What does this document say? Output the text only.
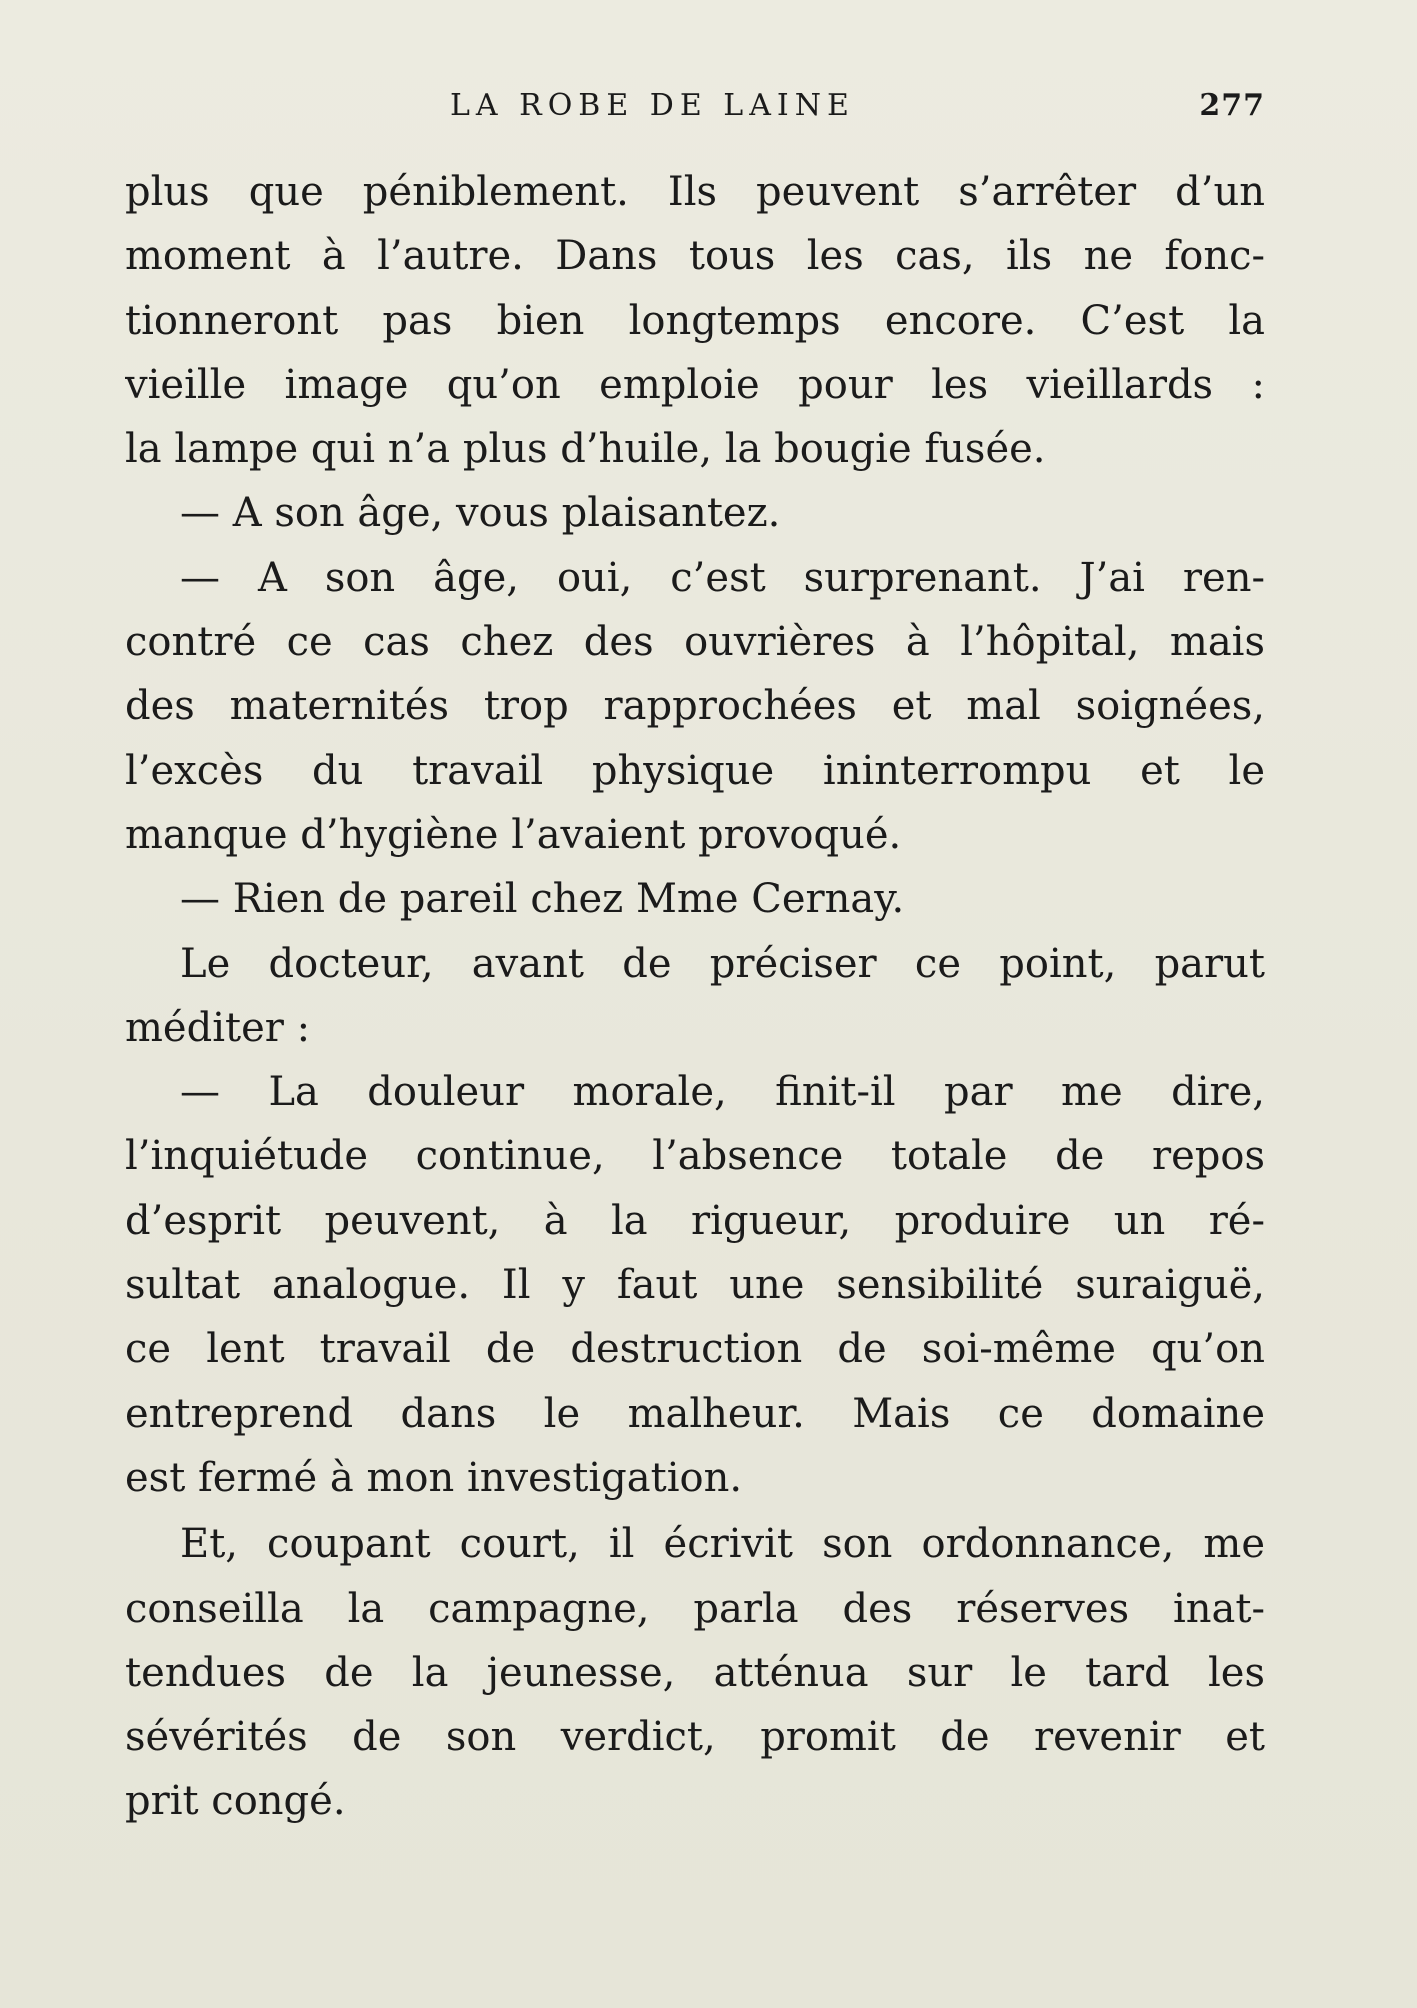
LA ROBE DE LAINE	277
plus que péniblement. Ils peuvent s’arrêter d’un
moment à l’autre. Dans tous les cas, ils ne fonc-
tionneront pas bien longtemps encore. C’est la
vieille image qu’on emploie pour les vieillards :
la lampe qui n’a plus d’huile, la bougie fusée.
— A son âge, vous plaisantez.
— A son âge, oui, c’est surprenant. J’ai ren-
contré ce cas chez des ouvrières à l’hôpital, mais
des maternités trop rapprochées et mal soignées,
l’excès du travail physique ininterrompu et le
manque d’hygiène l’avaient provoqué.
— Rien de pareil chez Mme Cernay.
Le docteur, avant de préciser ce point, parut
méditer :
— La douleur morale, finit-il par me dire,
l’inquiétude continue, l’absence totale de repos
d’esprit peuvent, à la rigueur, produire un ré-
sultat analogue. Il y faut une sensibilité suraiguë,
ce lent travail de destruction de soi-même qu’on
entreprend dans le malheur. Mais ce domaine
est fermé à mon investigation.
Et, coupant court, il écrivit son ordonnance, me
conseilla la campagne, parla des réserves inat-
tendues de la jeunesse, atténua sur le tard les
sévérités de son verdict, promit de revenir et
prit congé.
